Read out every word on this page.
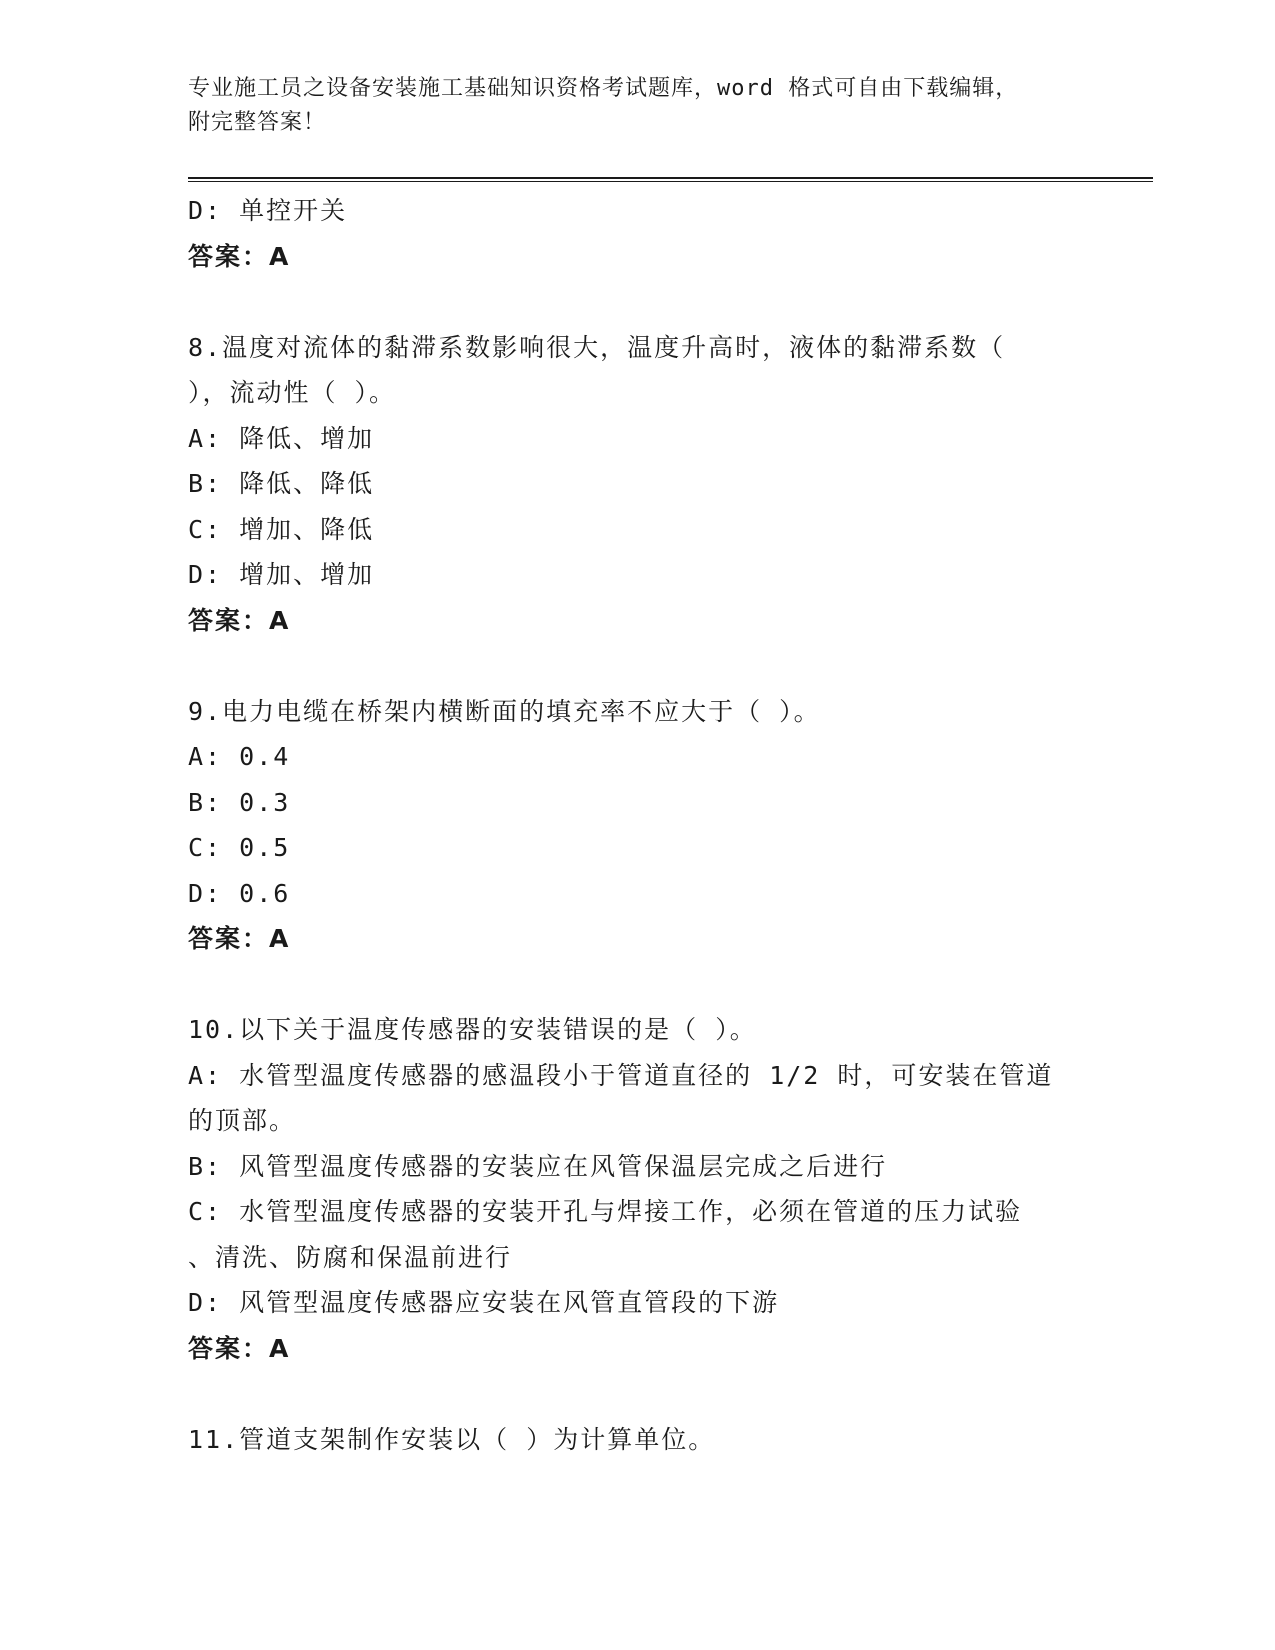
专业施工员之设备安装施工基础知识资格考试题库，word 格式可自由下载编辑，
附完整答案！
D: 单控开关
答案：A
8.温度对流体的黏滞系数影响很大，温度升高时，液体的黏滞系数（
），流动性（ ）。
A: 降低、增加
B: 降低、降低
C: 增加、降低
D: 增加、增加
答案：A
9.电力电缆在桥架内横断面的填充率不应大于（ ）。
A: 0.4
B: 0.3
C: 0.5
D: 0.6
答案：A
10.以下关于温度传感器的安装错误的是（ ）。
A: 水管型温度传感器的感温段小于管道直径的 1/2 时，可安装在管道
的顶部。
B: 风管型温度传感器的安装应在风管保温层完成之后进行
C: 水管型温度传感器的安装开孔与焊接工作，必须在管道的压力试验
、清洗、防腐和保温前进行
D: 风管型温度传感器应安装在风管直管段的下游
答案：A
11.管道支架制作安装以（ ）为计算单位。
